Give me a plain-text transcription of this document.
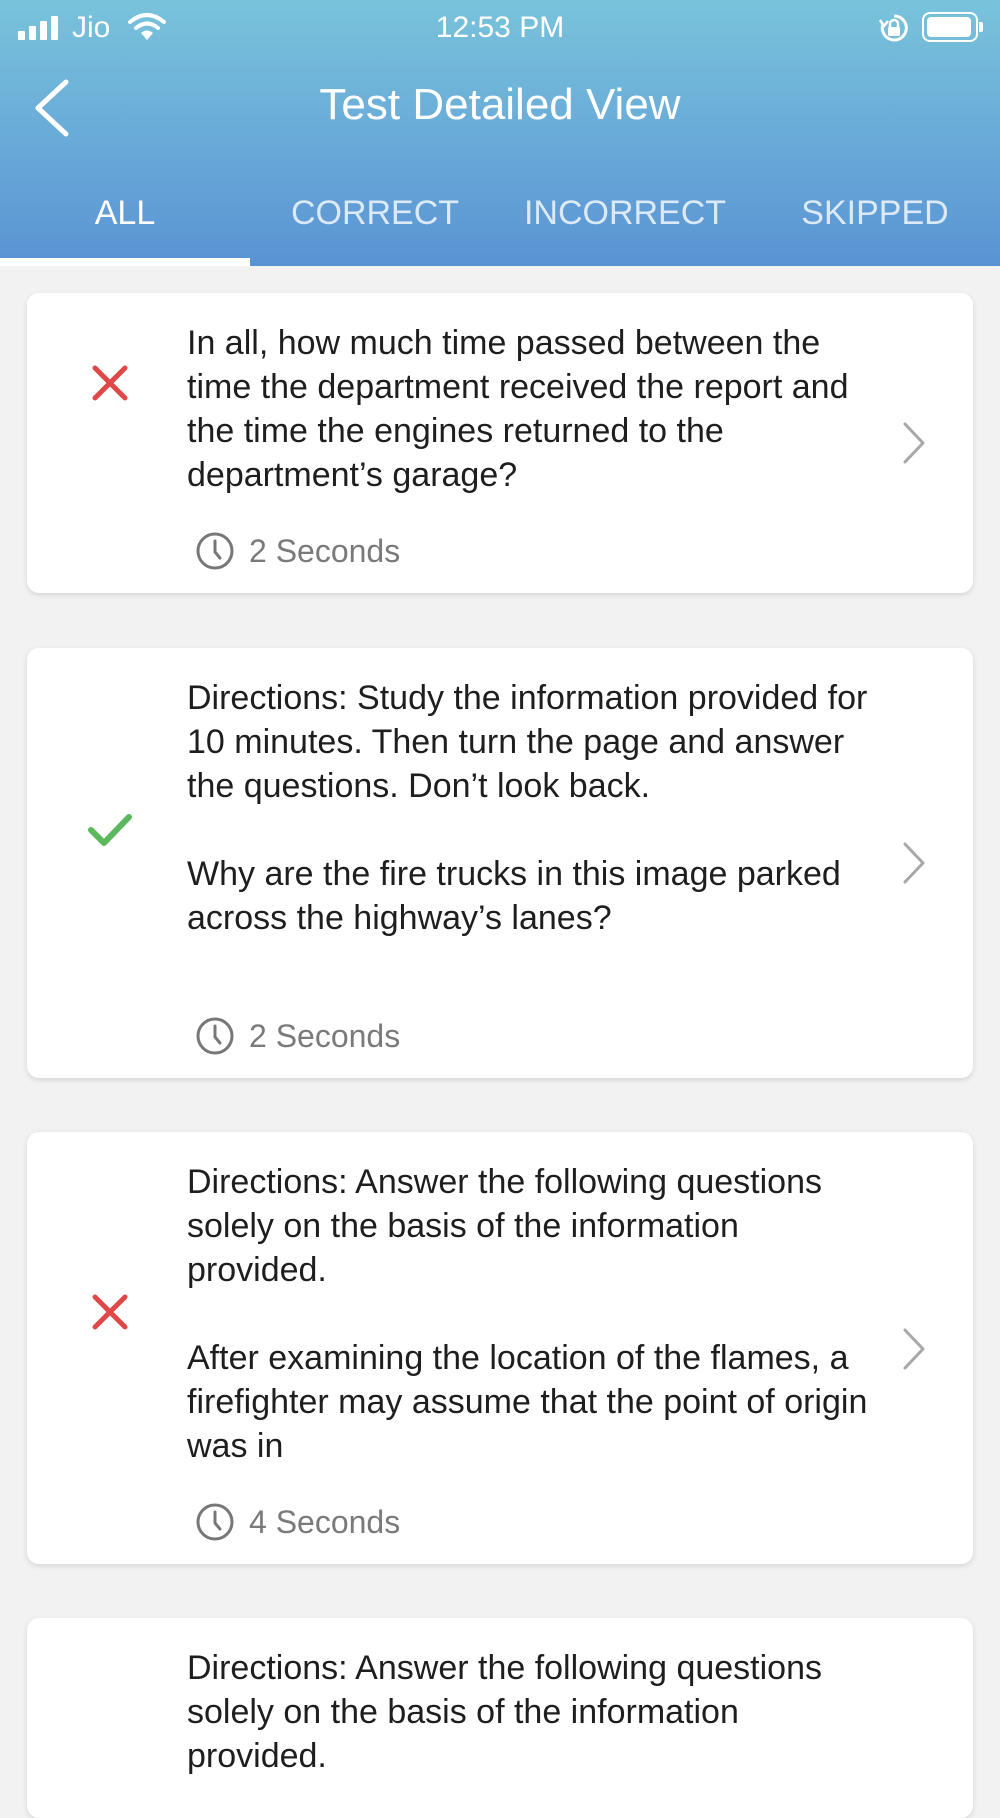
Jio	12:53 PM
Test Detailed View
ALL	CORRECT	INCORRECT	SKIPPED
In all, how much time passed between the time the department received the report and the time the engines returned to the department’s garage?
2 Seconds
Directions: Study the information provided for 10 minutes. Then turn the page and answer the questions. Don’t look back.

Why are the fire trucks in this image parked across the highway’s lanes?
2 Seconds
Directions: Answer the following questions solely on the basis of the information provided.

After examining the location of the flames, a firefighter may assume that the point of origin was in
4 Seconds
Directions: Answer the following questions solely on the basis of the information provided.
